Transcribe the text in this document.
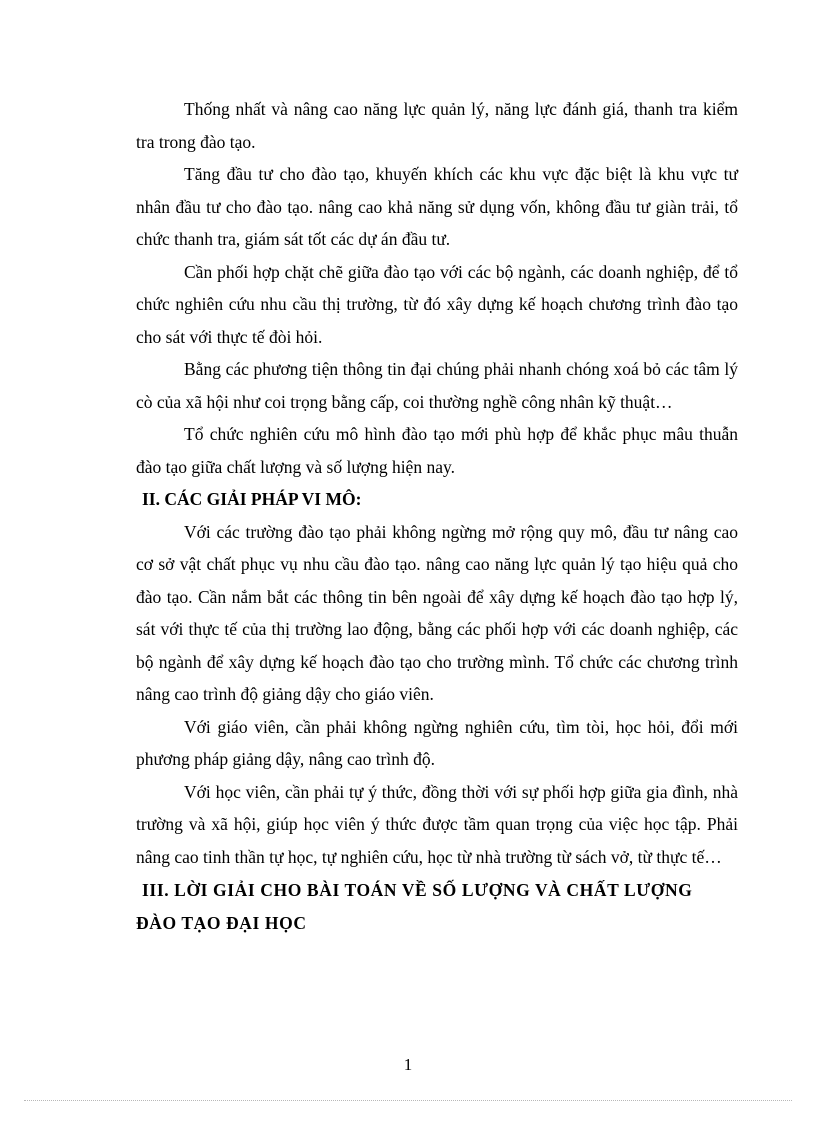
Thống nhất và nâng cao năng lực quản lý, năng lực đánh giá, thanh tra kiểm tra trong đào tạo.

Tăng đầu tư cho đào tạo, khuyến khích các khu vực đặc biệt là khu vực tư nhân đầu tư cho đào tạo. nâng cao khả năng sử dụng vốn, không đầu tư giàn trải, tổ chức thanh tra, giám sát tốt các dự án đầu tư.

Cần phối hợp chặt chẽ giữa đào tạo với các bộ ngành, các doanh nghiệp, để tổ chức nghiên cứu nhu cầu thị trường, từ đó xây dựng kế hoạch chương trình đào tạo cho sát với thực tế đòi hỏi.

Bằng các phương tiện thông tin đại chúng phải nhanh chóng xoá bỏ các tâm lý cò của xã hội như coi trọng bằng cấp, coi thường nghề công nhân kỹ thuật…

Tổ chức nghiên cứu mô hình đào tạo mới phù hợp để khắc phục mâu thuẫn đào tạo giữa chất lượng và số lượng hiện nay.

II. CÁC GIẢI PHÁP VI MÔ:

Với các trường đào tạo phải không ngừng mở rộng quy mô, đầu tư nâng cao cơ sở vật chất phục vụ nhu cầu đào tạo. nâng cao năng lực quản lý tạo hiệu quả cho đào tạo. Cần nắm bắt các thông tin bên ngoài để xây dựng kế hoạch đào tạo hợp lý, sát với thực tế của thị trường lao động, bằng các phối hợp với các doanh nghiệp, các bộ ngành để xây dựng kế hoạch đào tạo cho trường mình. Tổ chức các chương trình nâng cao trình độ giảng dậy cho giáo viên.

Với giáo viên, cần phải không ngừng nghiên cứu, tìm tòi, học hỏi, đổi mới phương pháp giảng dậy, nâng cao trình độ.

Với học viên, cần phải tự ý thức, đồng thời với sự phối hợp giữa gia đình, nhà trường và xã hội, giúp học viên ý thức được tầm quan trọng của việc học tập. Phải nâng cao tinh thần tự học, tự nghiên cứu, học từ nhà trường từ sách vở, từ thực tế…

III. LỜI GIẢI CHO BÀI TOÁN VỀ SỐ LƯỢNG VÀ CHẤT LƯỢNG ĐÀO TẠO ĐẠI HỌC
1
